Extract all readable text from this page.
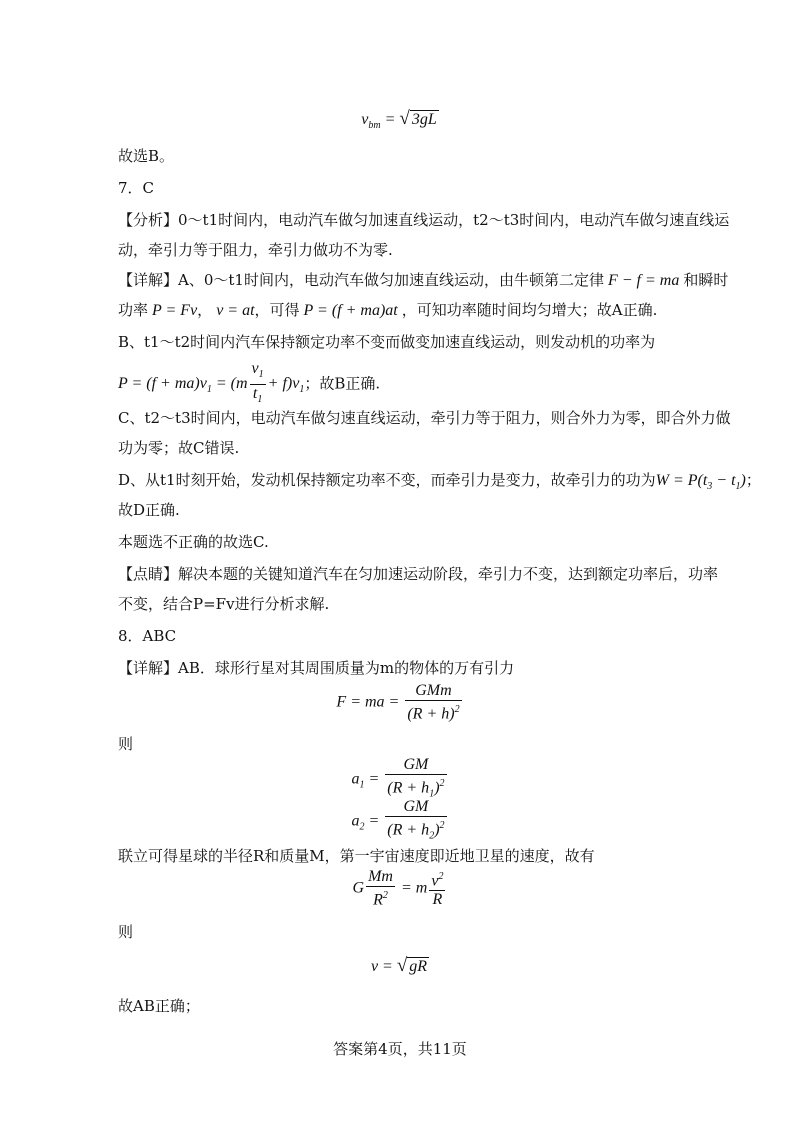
$v_{bm}$ = √ 3gL
故选B。
7．C
【分析】0～t1时间内，电动汽车做匀加速直线运动，t2～t3时间内，电动汽车做匀速直线运
动，牵引力等于阻力，牵引力做功不为零.
【详解】A、0～t1时间内，电动汽车做匀加速直线运动，由牛顿第二定律 F − f = ma 和瞬时
功率 P = Fv， v = at，可得 P = (f + ma)at ，可知功率随时间均匀增大；故A正确.
B、t1～t2时间内汽车保持额定功率不变而做变加速直线运动，则发动机的功率为
$P = (f + ma)v_1 = (m \frac{v_1}{t_1} + f)v_1$；故B正确.
C、t2～t3时间内，电动汽车做匀速直线运动，牵引力等于阻力，则合外力为零，即合外力做
功为零；故C错误.
D、从t1时刻开始，发动机保持额定功率不变，而牵引力是变力，故牵引力的功为$W = P(t_3 - t_1)$；
故D正确.
本题选不正确的故选C.
【点睛】解决本题的关键知道汽车在匀加速运动阶段，牵引力不变，达到额定功率后，功率
不变，结合P=Fv进行分析求解.
8．ABC
【详解】AB．球形行星对其周围质量为m的物体的万有引力
F = ma = $\frac{\text{GMm}}{(R + h)^2}$
则
$a_1 = \frac{GM}{(R + h_1)^2}$
$a_2 = \frac{GM}{(R + h_2)^2}$
联立可得星球的半径R和质量M，第一宇宙速度即近地卫星的速度，故有
G $\frac{Mm}{R^2} = m \frac{v^2}{R}$
则
v = √ gR
故AB正确；
答案第4页，共11页
